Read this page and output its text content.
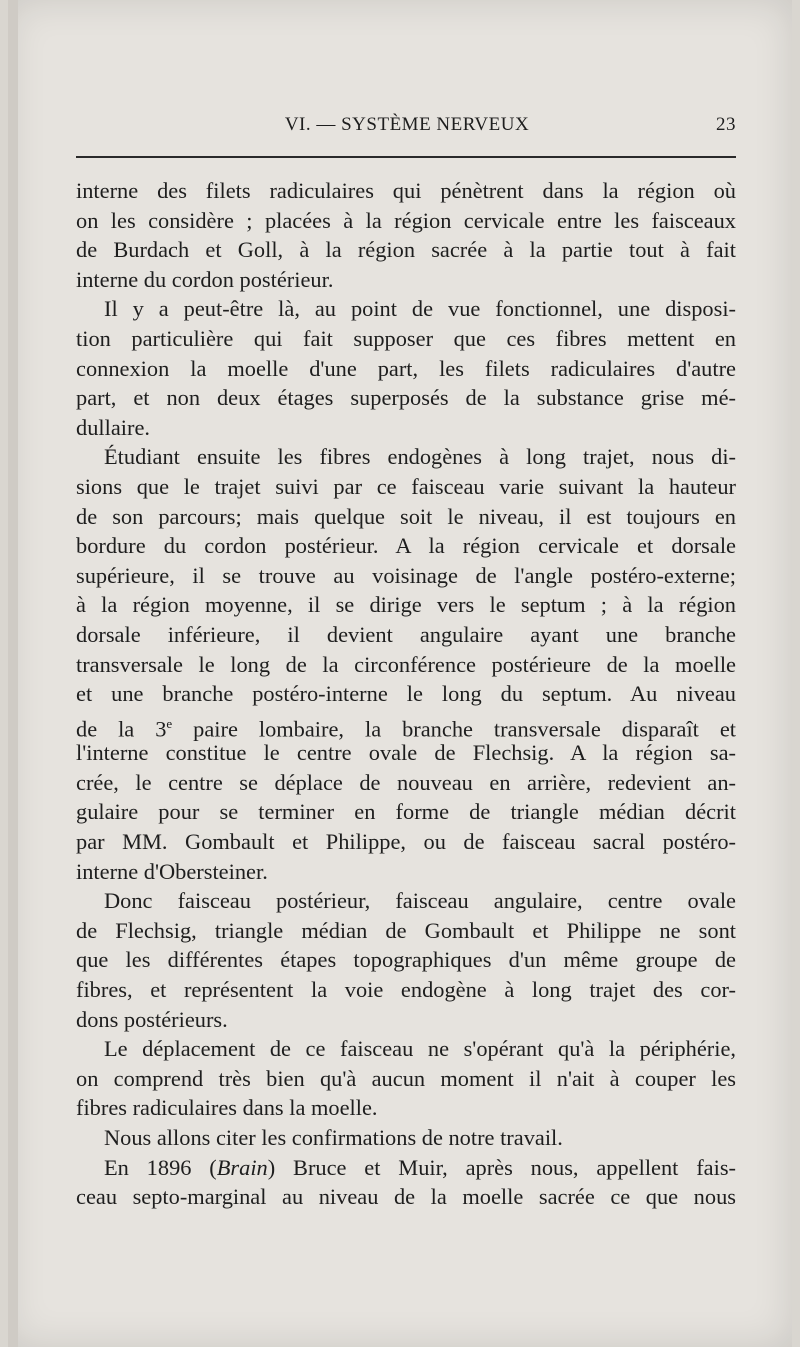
VI. — SYSTÈME NERVEUX	23
interne des filets radiculaires qui pénètrent dans la région où
on les considère ; placées à la région cervicale entre les faisceaux
de Burdach et Goll, à la région sacrée à la partie tout à fait
interne du cordon postérieur.
Il y a peut-être là, au point de vue fonctionnel, une disposi-
tion particulière qui fait supposer que ces fibres mettent en
connexion la moelle d'une part, les filets radiculaires d'autre
part, et non deux étages superposés de la substance grise mé-
dullaire.
Étudiant ensuite les fibres endogènes à long trajet, nous di-
sions que le trajet suivi par ce faisceau varie suivant la hauteur
de son parcours; mais quelque soit le niveau, il est toujours en
bordure du cordon postérieur. A la région cervicale et dorsale
supérieure, il se trouve au voisinage de l'angle postéro-externe;
à la région moyenne, il se dirige vers le septum ; à la région
dorsale inférieure, il devient angulaire ayant une branche
transversale le long de la circonférence postérieure de la moelle
et une branche postéro-interne le long du septum. Au niveau
de la 3e paire lombaire, la branche transversale disparaît et
l'interne constitue le centre ovale de Flechsig. A la région sa-
crée, le centre se déplace de nouveau en arrière, redevient an-
gulaire pour se terminer en forme de triangle médian décrit
par MM. Gombault et Philippe, ou de faisceau sacral postéro-
interne d'Obersteiner.
Donc faisceau postérieur, faisceau angulaire, centre ovale
de Flechsig, triangle médian de Gombault et Philippe ne sont
que les différentes étapes topographiques d'un même groupe de
fibres, et représentent la voie endogène à long trajet des cor-
dons postérieurs.
Le déplacement de ce faisceau ne s'opérant qu'à la périphérie,
on comprend très bien qu'à aucun moment il n'ait à couper les
fibres radiculaires dans la moelle.
Nous allons citer les confirmations de notre travail.
En 1896 (Brain) Bruce et Muir, après nous, appellent fais-
ceau septo-marginal au niveau de la moelle sacrée ce que nous
